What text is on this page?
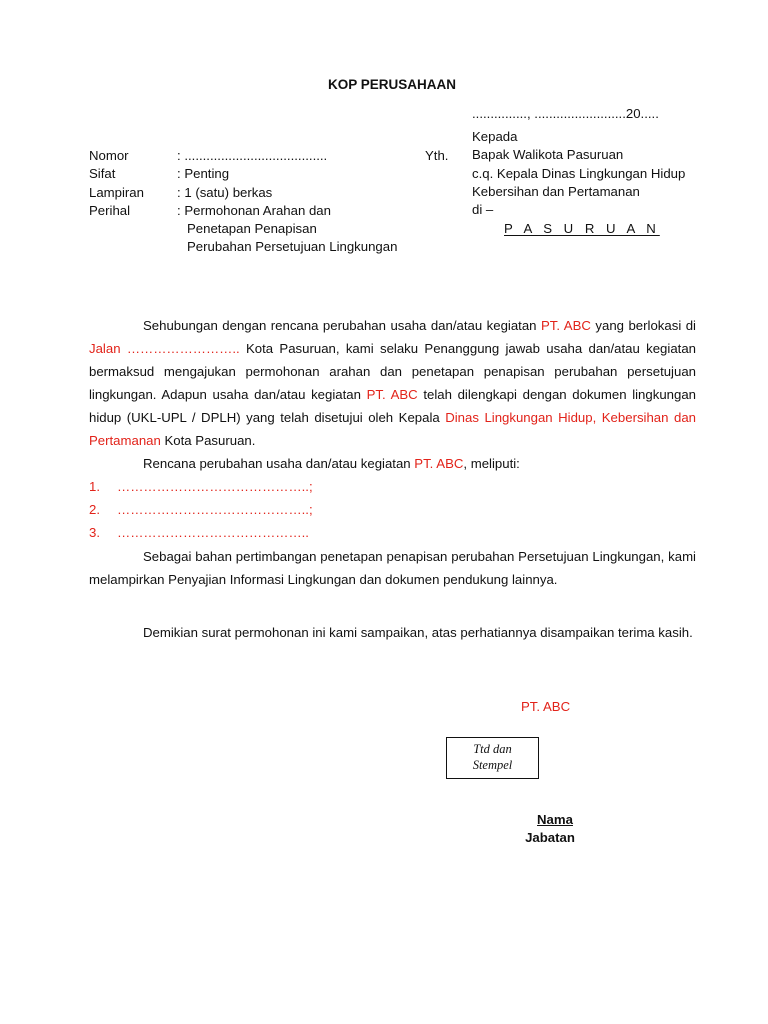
KOP PERUSAHAAN
..............., .........................20.....
Kepada
Bapak Walikota Pasuruan
c.q. Kepala Dinas Lingkungan Hidup
Kebersihan dan Pertamanan
di –
Yth.
Nomor	: .......................................
Sifat	: Penting
Lampiran	: 1 (satu) berkas
Perihal	: Permohonan Arahan dan
Penetapan Penapisan
Perubahan Persetujuan Lingkungan
P A S U R U A N

Sehubungan dengan rencana perubahan usaha dan/atau kegiatan PT. ABC yang berlokasi di Jalan …………………….. Kota Pasuruan, kami selaku Penanggung jawab usaha dan/atau kegiatan bermaksud mengajukan permohonan arahan dan penetapan penapisan perubahan persetujuan lingkungan. Adapun usaha dan/atau kegiatan PT. ABC telah dilengkapi dengan dokumen lingkungan hidup (UKL-UPL / DPLH) yang telah disetujui oleh Kepala Dinas Lingkungan Hidup, Kebersihan dan Pertamanan Kota Pasuruan.

Rencana perubahan usaha dan/atau kegiatan PT. ABC, meliputi:

1. ……………………………………..;
2. ……………………………………..;
3. ……………………………………..

Sebagai bahan pertimbangan penetapan penapisan perubahan Persetujuan Lingkungan, kami melampirkan Penyajian Informasi Lingkungan dan dokumen pendukung lainnya.

Demikian surat permohonan ini kami sampaikan, atas perhatiannya disampaikan terima kasih.

PT. ABC
Ttd dan
Stempel
Nama
Jabatan
